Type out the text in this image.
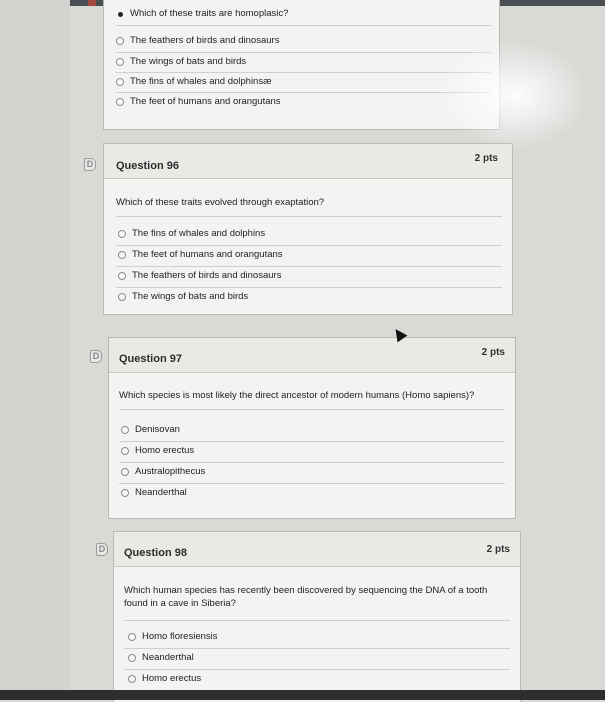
Which of these traits are homoplasic?
The feathers of birds and dinosaurs
The wings of bats and birds
The fins of whales and dolphinsæ
The feet of humans and orangutans
D Question 96
2 pts
Which of these traits evolved through exaptation?
The fins of whales and dolphins
The feet of humans and orangutans
The feathers of birds and dinosaurs
The wings of bats and birds
D Question 97
2 pts
Which species is most likely the direct ancestor of modern humans (Homo sapiens)?
Denisovan
Homo erectus
Australopithecus
Neanderthal
D Question 98	2 pts
Which human species has recently been discovered by sequencing the DNA of a tooth found in a cave in Siberia?
Homo floresiensis
Neanderthal
Homo erectus
